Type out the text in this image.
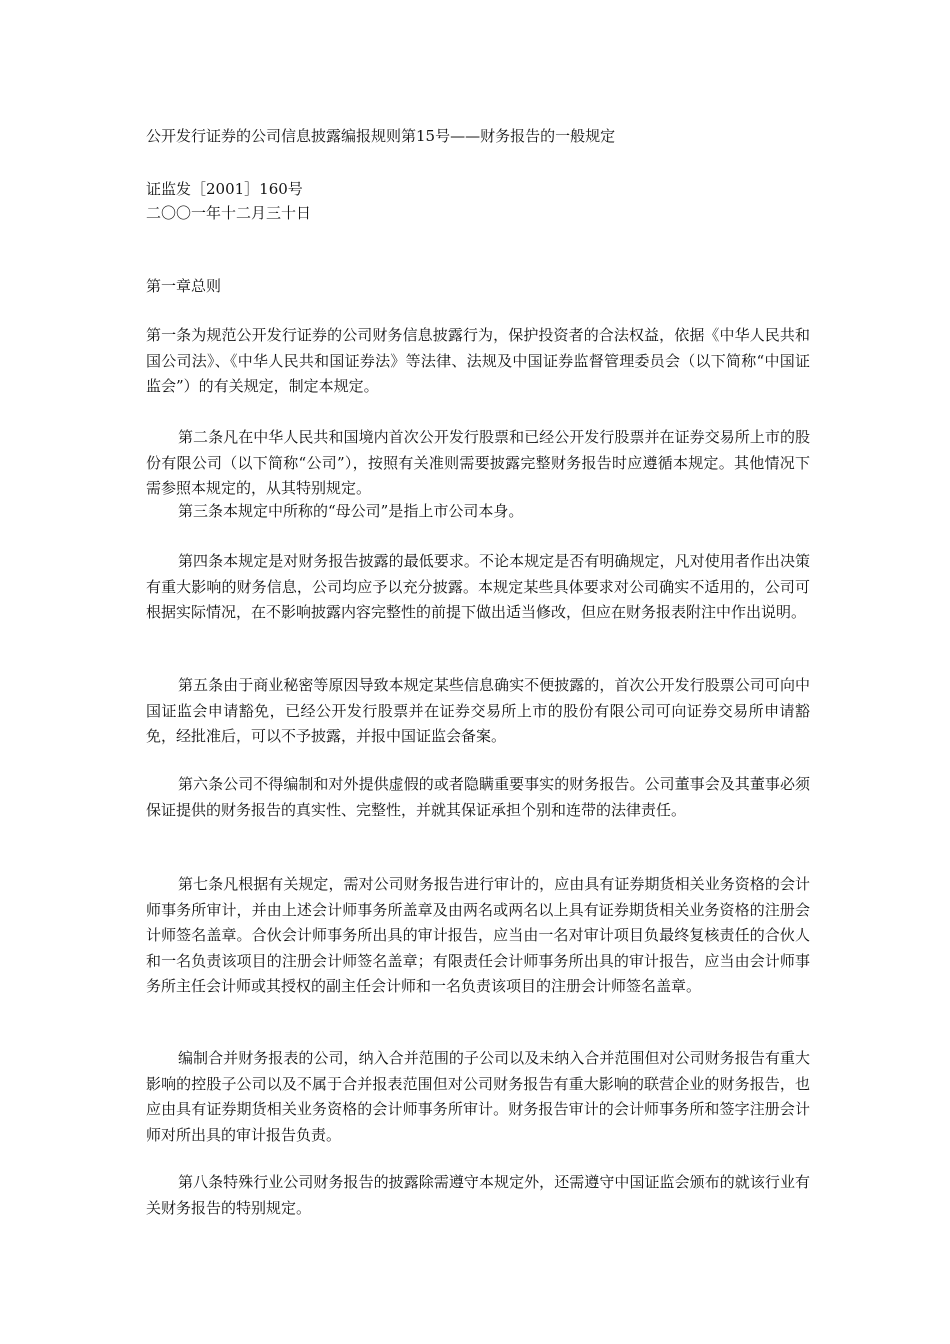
公开发行证券的公司信息披露编报规则第15号——财务报告的一般规定
证监发［2001］160号
二〇〇一年十二月三十日
第一章总则
第一条为规范公开发行证券的公司财务信息披露行为，保护投资者的合法权益，依据《中华人民共和国公司法》、《中华人民共和国证券法》等法律、法规及中国证券监督管理委员会（以下简称“中国证监会”）的有关规定，制定本规定。
第二条凡在中华人民共和国境内首次公开发行股票和已经公开发行股票并在证券交易所上市的股份有限公司（以下简称“公司”），按照有关准则需要披露完整财务报告时应遵循本规定。其他情况下需参照本规定的，从其特别规定。
第三条本规定中所称的“母公司”是指上市公司本身。
第四条本规定是对财务报告披露的最低要求。不论本规定是否有明确规定，凡对使用者作出决策有重大影响的财务信息，公司均应予以充分披露。本规定某些具体要求对公司确实不适用的，公司可根据实际情况，在不影响披露内容完整性的前提下做出适当修改，但应在财务报表附注中作出说明。
第五条由于商业秘密等原因导致本规定某些信息确实不便披露的，首次公开发行股票公司可向中国证监会申请豁免，已经公开发行股票并在证券交易所上市的股份有限公司可向证券交易所申请豁免，经批准后，可以不予披露，并报中国证监会备案。
第六条公司不得编制和对外提供虚假的或者隐瞒重要事实的财务报告。公司董事会及其董事必须保证提供的财务报告的真实性、完整性，并就其保证承担个别和连带的法律责任。
第七条凡根据有关规定，需对公司财务报告进行审计的，应由具有证券期货相关业务资格的会计师事务所审计，并由上述会计师事务所盖章及由两名或两名以上具有证券期货相关业务资格的注册会计师签名盖章。合伙会计师事务所出具的审计报告，应当由一名对审计项目负最终复核责任的合伙人和一名负责该项目的注册会计师签名盖章；有限责任会计师事务所出具的审计报告，应当由会计师事务所主任会计师或其授权的副主任会计师和一名负责该项目的注册会计师签名盖章。
编制合并财务报表的公司，纳入合并范围的子公司以及未纳入合并范围但对公司财务报告有重大影响的控股子公司以及不属于合并报表范围但对公司财务报告有重大影响的联营企业的财务报告，也应由具有证券期货相关业务资格的会计师事务所审计。财务报告审计的会计师事务所和签字注册会计师对所出具的审计报告负责。
第八条特殊行业公司财务报告的披露除需遵守本规定外，还需遵守中国证监会颁布的就该行业有关财务报告的特别规定。
